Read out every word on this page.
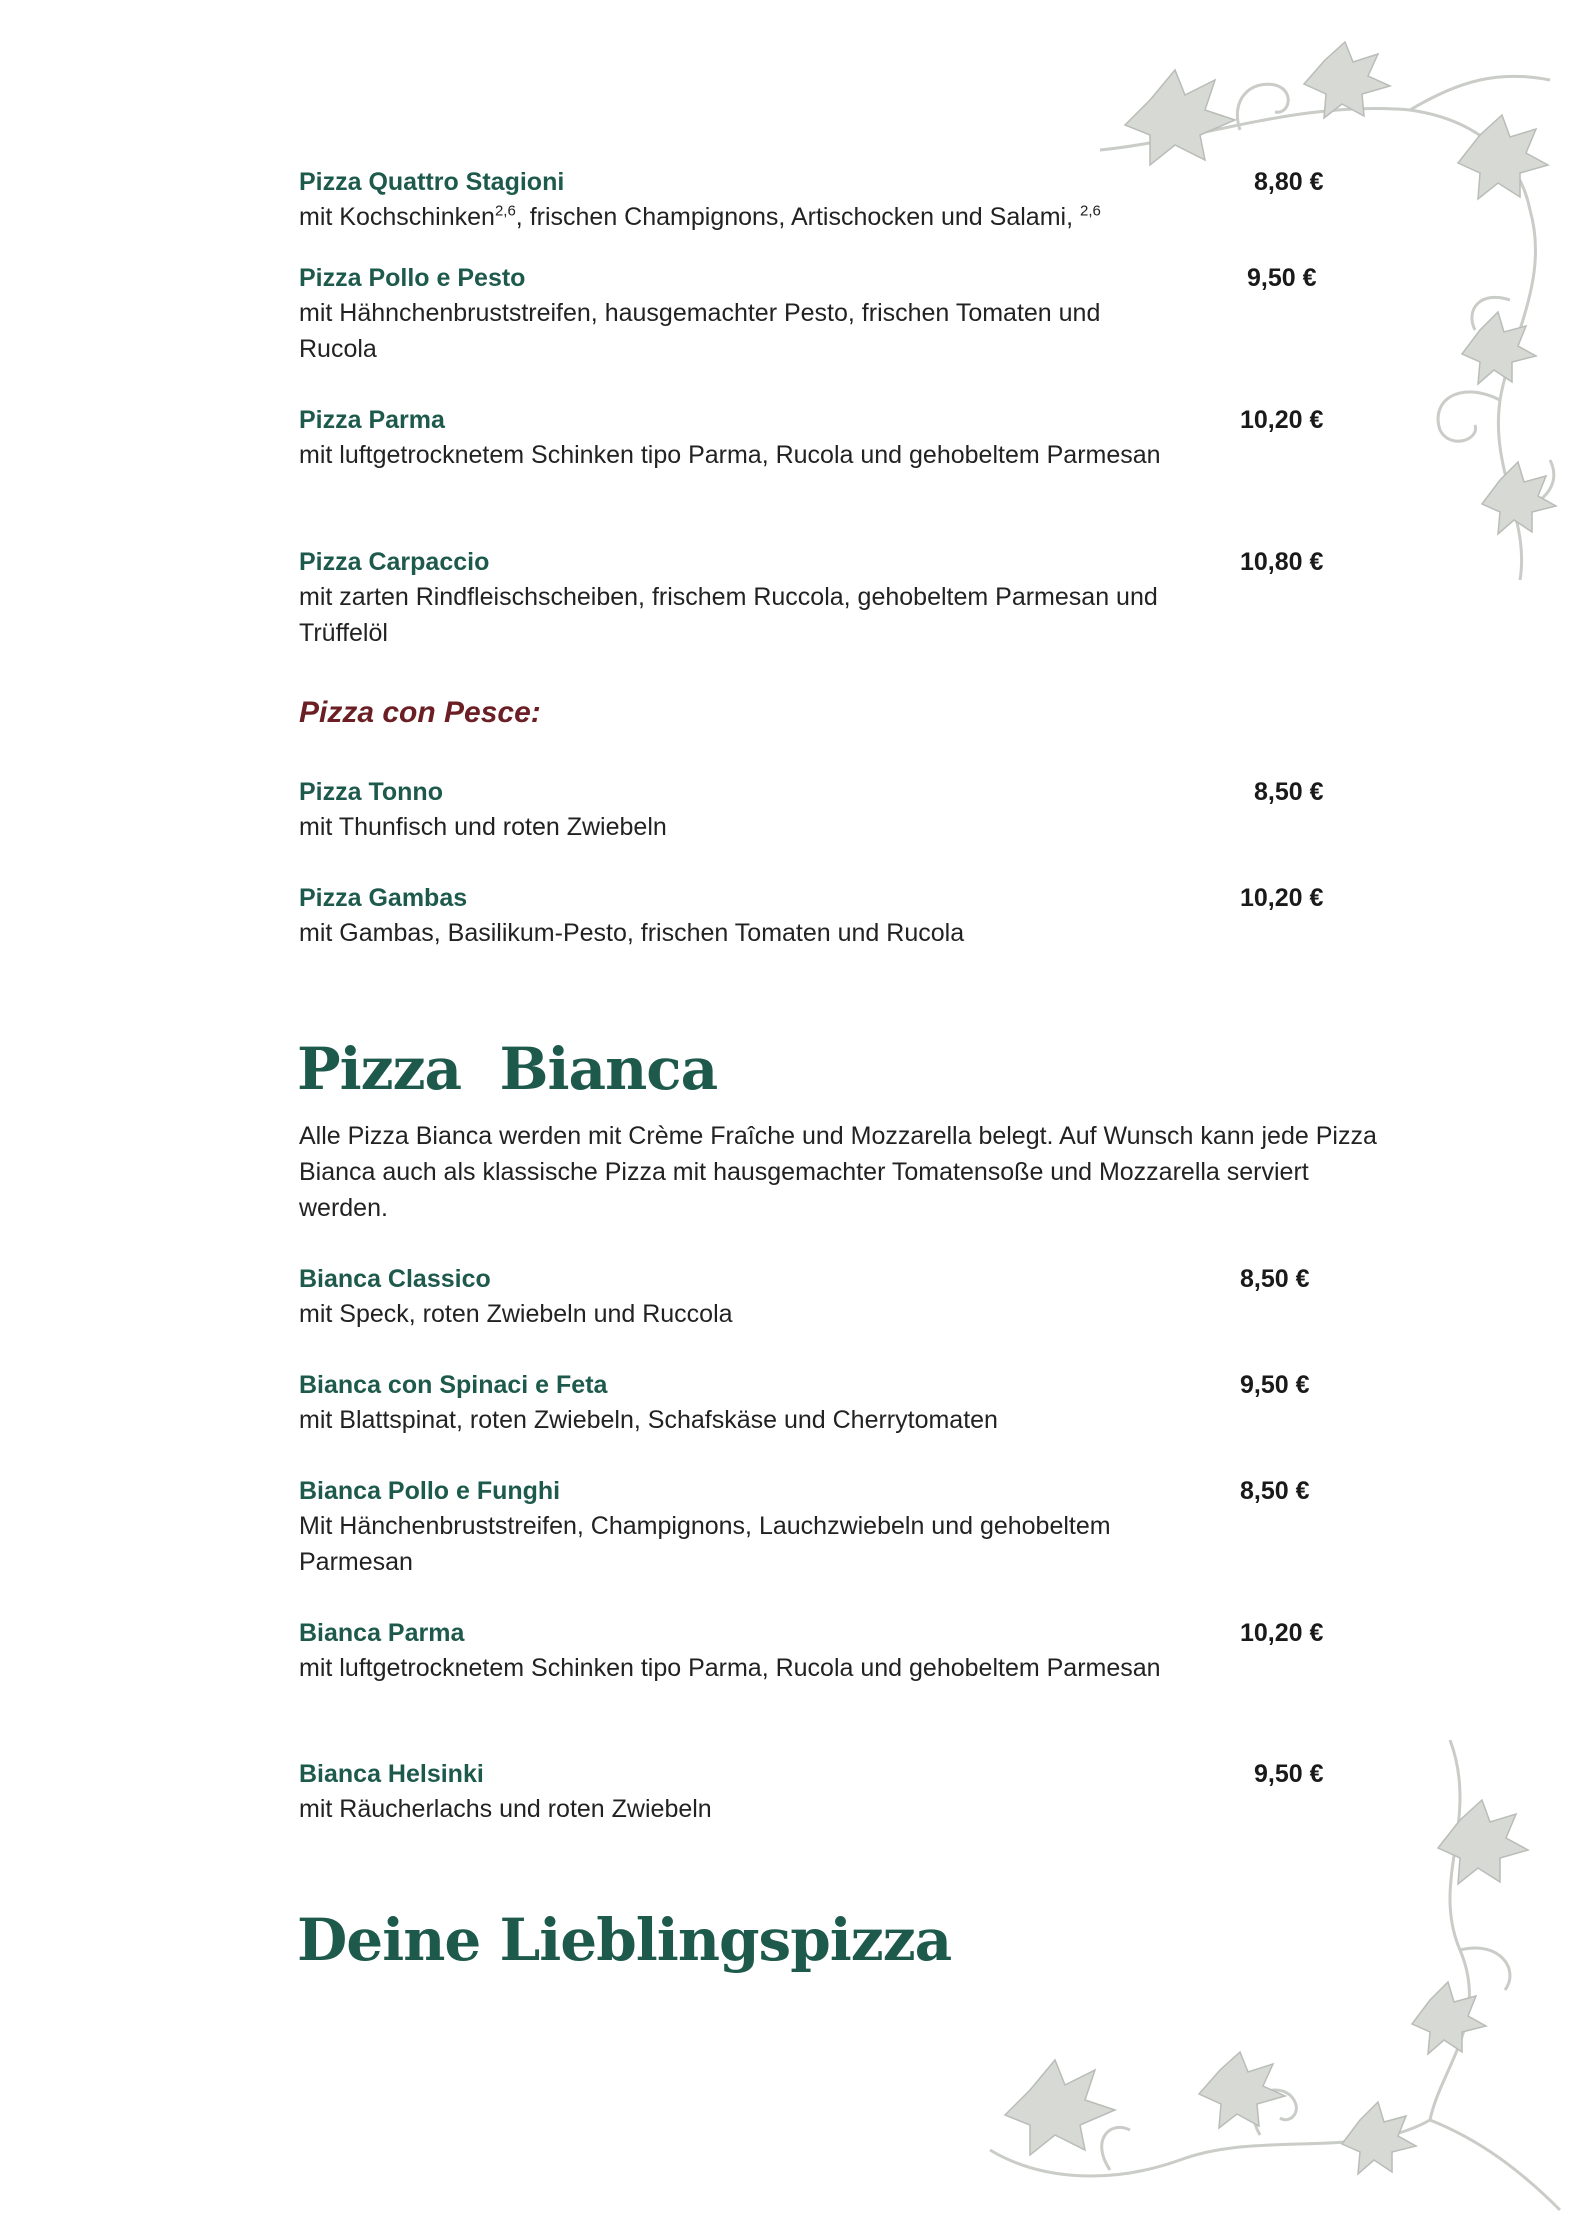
Pizza Quattro Stagioni
mit Kochschinken$^{2,6}$, frischen Champignons, Artischocken und Salami, $^{2,6}$
8,80 €
Pizza Pollo e Pesto
mit Hähnchenbruststreifen, hausgemachter Pesto, frischen Tomaten und Rucola
9,50 €
Pizza Parma
mit luftgetrocknetem Schinken tipo Parma, Rucola und gehobeltem Parmesan
10,20 €
Pizza Carpaccio
mit zarten Rindfleischscheiben, frischem Ruccola, gehobeltem Parmesan und Trüffelöl
10,80 €
Pizza con Pesce:
Pizza Tonno
mit Thunfisch und roten Zwiebeln
8,50 €
Pizza Gambas
mit Gambas, Basilikum-Pesto, frischen Tomaten und Rucola
10,20 €
Pizza  Bianca
Alle Pizza Bianca werden mit Crème Fraîche und Mozzarella belegt. Auf Wunsch kann jede Pizza Bianca auch als klassische Pizza mit hausgemachter Tomatensoße und Mozzarella serviert werden.
Bianca Classico
mit Speck, roten Zwiebeln und Ruccola
8,50 €
Bianca con Spinaci e Feta
mit Blattspinat, roten Zwiebeln, Schafskäse und Cherrytomaten
9,50 €
Bianca Pollo e Funghi
Mit Hänchenbruststreifen, Champignons, Lauchzwiebeln und gehobeltem Parmesan
8,50 €
Bianca Parma
mit luftgetrocknetem Schinken tipo Parma, Rucola und gehobeltem Parmesan
10,20 €
Bianca Helsinki
mit Räucherlachs und roten Zwiebeln
9,50 €
Deine Lieblingspizza
